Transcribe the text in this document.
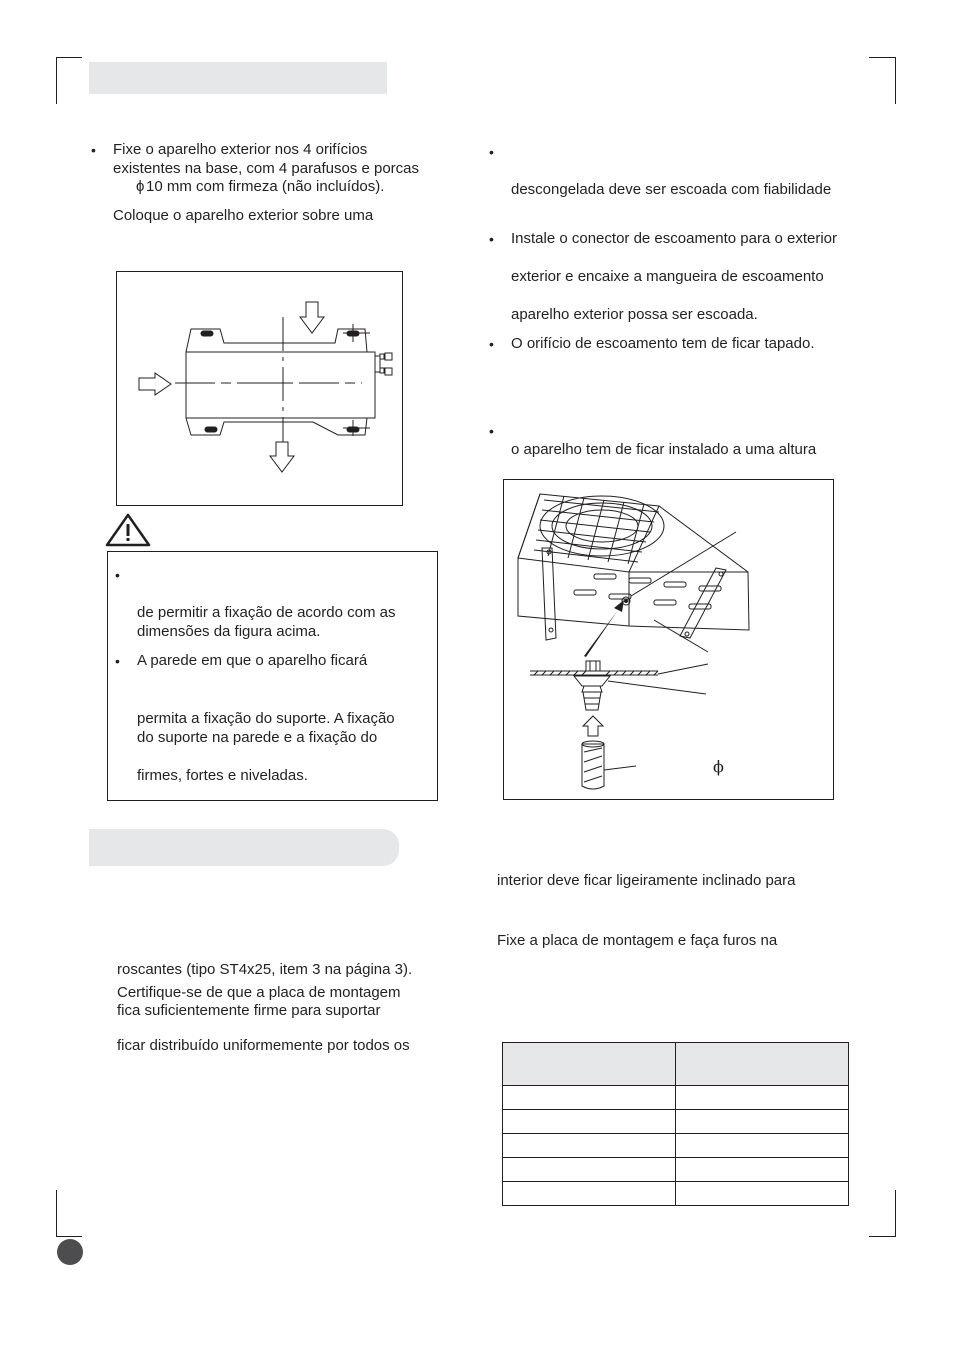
• Fixe o aparelho exterior nos 4 orifícios
existentes na base, com 4 parafusos e porcas
ϕ 10 mm com firmeza (não incluídos).
Coloque o aparelho exterior sobre uma
•
de permitir a fixação de acordo com as
dimensões da figura acima.
• A parede em que o aparelho ficará
permita a fixação do suporte. A fixação
do suporte na parede e a fixação do
firmes, fortes e niveladas.
roscantes (tipo ST4x25, item 3 na página 3).
Certifique-se de que a placa de montagem
fica suficientemente firme para suportar
ficar distribuído uniformemente por todos os
•
descongelada deve ser escoada com fiabilidade
• Instale o conector de escoamento para o exterior
exterior e encaixe a mangueira de escoamento
aparelho exterior possa ser escoada.
• O orifício de escoamento tem de ficar tapado.
•
o aparelho tem de ficar instalado a uma altura
ϕ
interior deve ficar ligeiramente inclinado para
Fixe a placa de montagem e faça furos na
